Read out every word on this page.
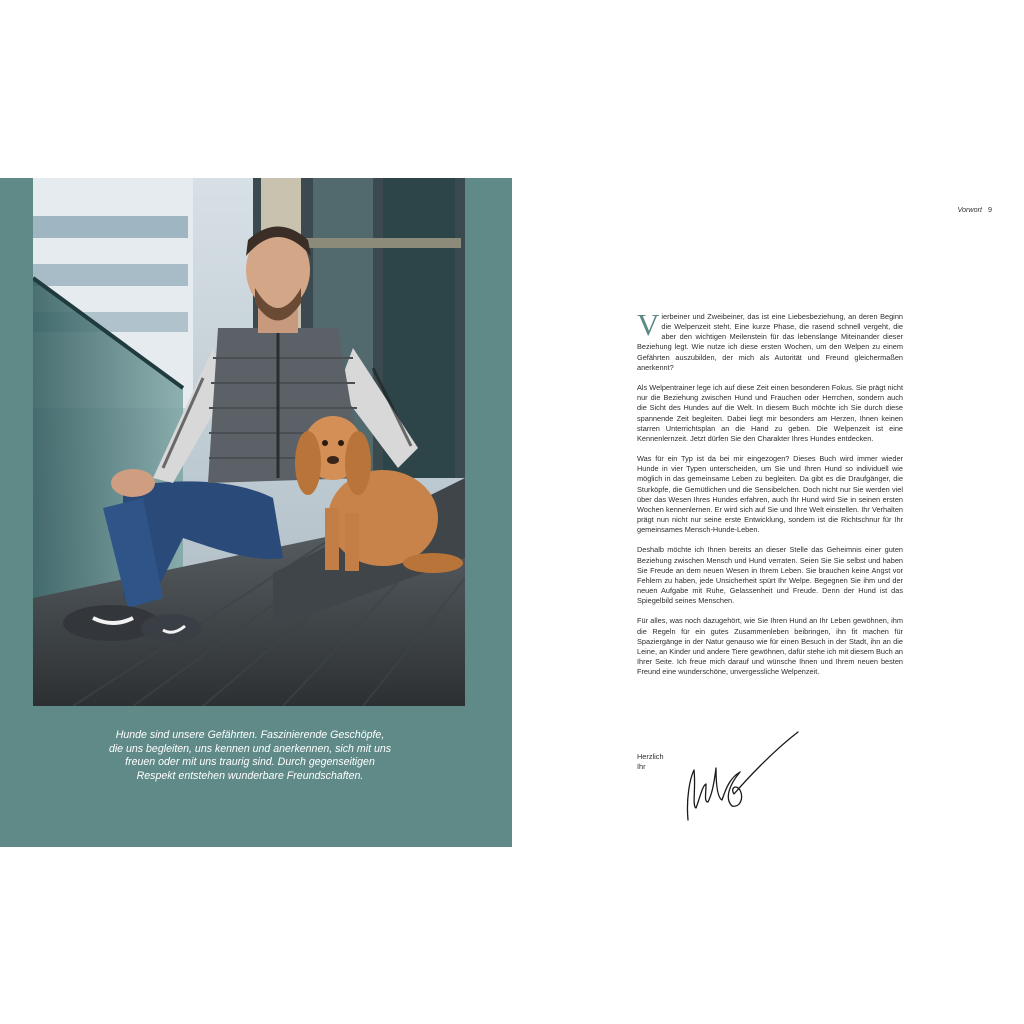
Hunde sind unsere Gefährten. Faszinierende Geschöpfe,

die uns begleiten, uns kennen und anerkennen, sich mit uns

freuen oder mit uns traurig sind. Durch gegenseitigen

Respekt entstehen wunderbare Freundschaften.

Vorwort 9

Vierbeiner und Zweibeiner, das ist eine Liebesbeziehung, an deren Beginn die Welpenzeit steht. Eine kurze Phase, die rasend schnell vergeht, die aber den wichtigen Meilenstein für das lebenslange Miteinander dieser Beziehung legt. Wie nutze ich diese ersten Wochen, um den Welpen zu einem Gefährten auszubilden, der mich als Autorität und Freund gleichermaßen anerkennt?

Als Welpentrainer lege ich auf diese Zeit einen besonderen Fokus. Sie prägt nicht nur die Beziehung zwischen Hund und Frauchen oder Herrchen, sondern auch die Sicht des Hundes auf die Welt. In diesem Buch möchte ich Sie durch diese spannende Zeit begleiten. Dabei liegt mir besonders am Herzen, Ihnen keinen starren Unterrichtsplan an die Hand zu geben. Die Welpenzeit ist eine Kennenlernzeit. Jetzt dürfen Sie den Charakter Ihres Hundes entdecken.

Was für ein Typ ist da bei mir eingezogen? Dieses Buch wird immer wieder Hunde in vier Typen unterscheiden, um Sie und Ihren Hund so individuell wie möglich in das gemeinsame Leben zu begleiten. Da gibt es die Draufgänger, die Sturköpfe, die Gemütlichen und die Sensibelchen. Doch nicht nur Sie werden viel über das Wesen Ihres Hundes erfahren, auch Ihr Hund wird Sie in seinen ersten Wochen kennenlernen. Er wird sich auf Sie und Ihre Welt einstellen. Ihr Verhalten prägt nun nicht nur seine erste Entwicklung, sondern ist die Richtschnur für Ihr gemeinsames Mensch-Hunde-Leben.

Deshalb möchte ich Ihnen bereits an dieser Stelle das Geheimnis einer guten Beziehung zwischen Mensch und Hund verraten. Seien Sie Sie selbst und haben Sie Freude an dem neuen Wesen in Ihrem Leben. Sie brauchen keine Angst vor Fehlern zu haben, jede Unsicherheit spürt Ihr Welpe. Begegnen Sie ihm und der neuen Aufgabe mit Ruhe, Gelassenheit und Freude. Denn der Hund ist das Spiegelbild seines Menschen.

Für alles, was noch dazugehört, wie Sie Ihren Hund an Ihr Leben gewöhnen, ihm die Regeln für ein gutes Zusammenleben beibringen, ihn fit machen für Spaziergänge in der Natur genauso wie für einen Besuch in der Stadt, ihn an die Leine, an Kinder und andere Tiere gewöhnen, dafür stehe ich mit diesem Buch an Ihrer Seite. Ich freue mich darauf und wünsche Ihnen und Ihrem neuen besten Freund eine wunderschöne, unvergessliche Welpenzeit.

Herzlich

Ihr
